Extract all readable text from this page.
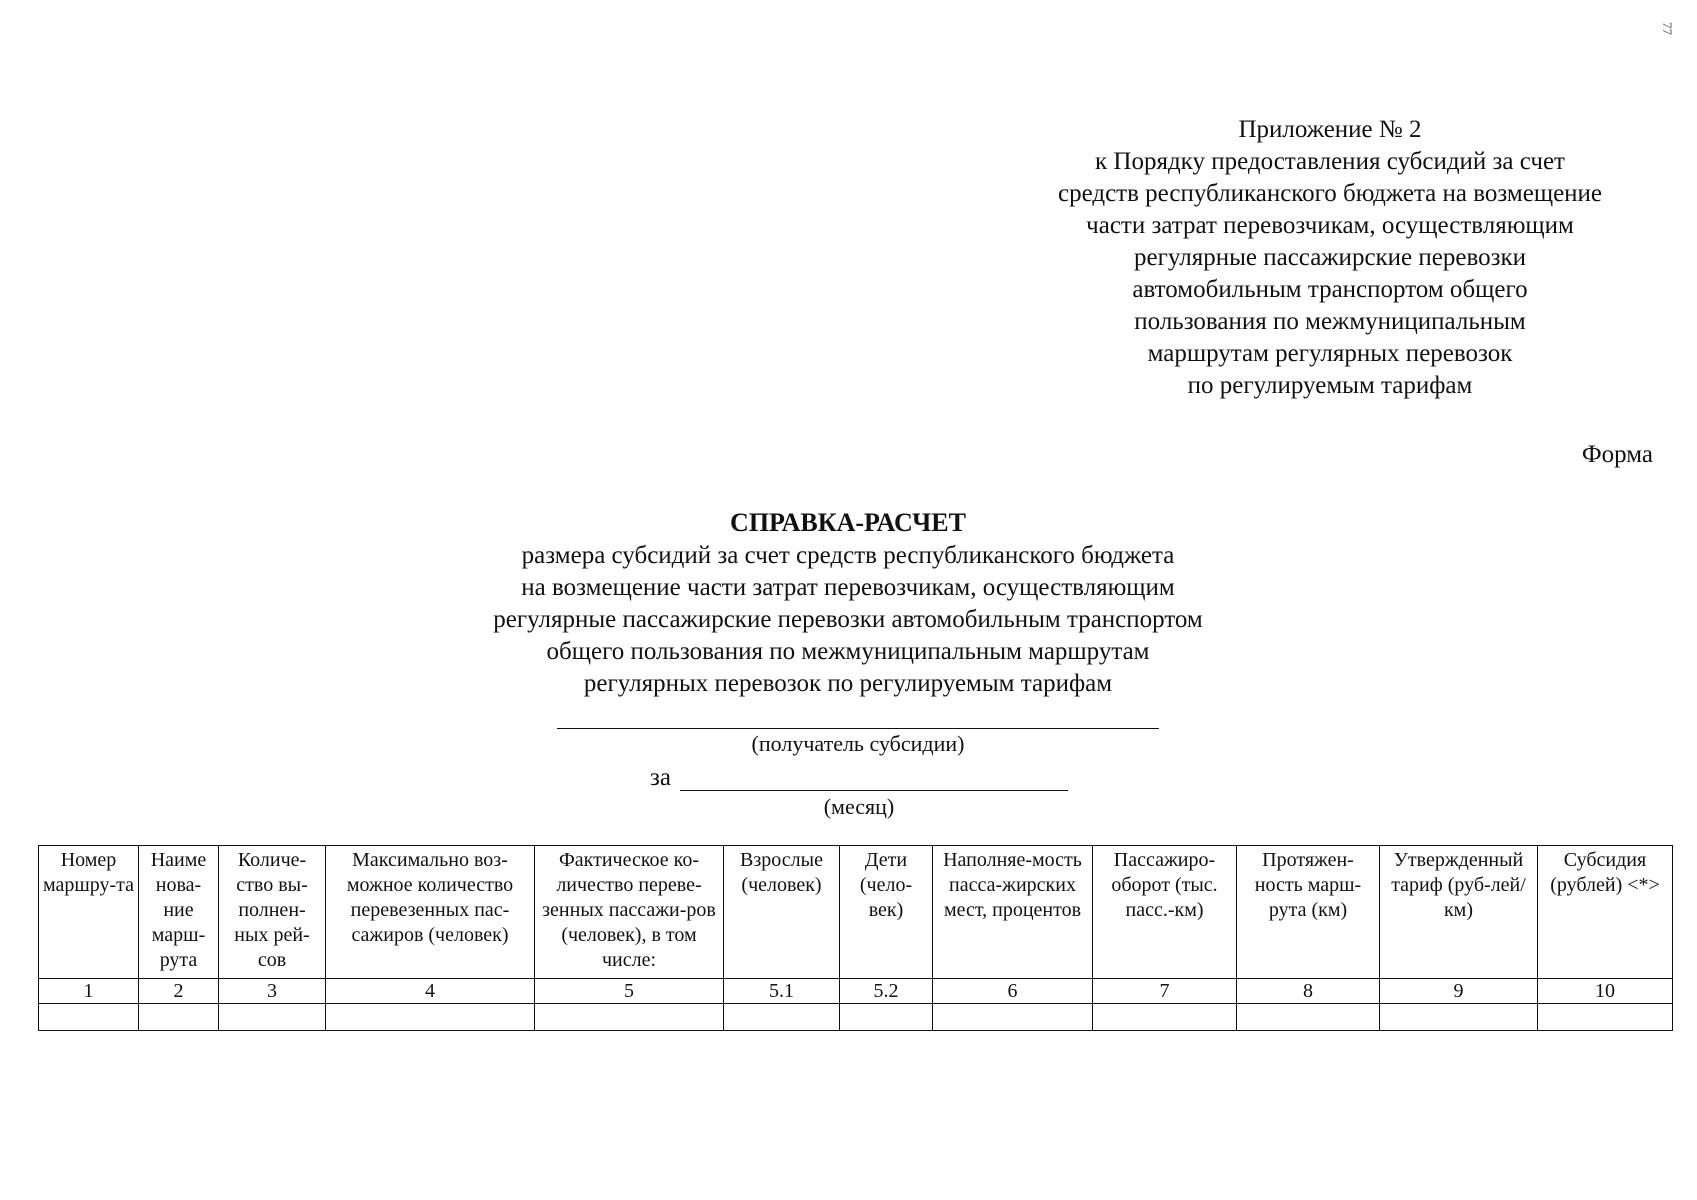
77
Приложение № 2
к Порядку предоставления субсидий за счет
средств республиканского бюджета на возмещение
части затрат перевозчикам, осуществляющим
регулярные пассажирские перевозки
автомобильным транспортом общего
пользования по межмуниципальным
маршрутам регулярных перевозок
по регулируемым тарифам
Форма
СПРАВКА-РАСЧЕТ
размера субсидий за счет средств республиканского бюджета
на возмещение части затрат перевозчикам, осуществляющим
регулярные пассажирские перевозки автомобильным транспортом
общего пользования по межмуниципальным маршрутам
регулярных перевозок по регулируемым тарифам
(получатель субсидии)
за
(месяц)
Номер маршру-та	Наиме нова-ние марш-рута	Количе-ство вы-полнен-ных рей-сов	Максимально воз-можное количество перевезенных пас-сажиров (человек)	Фактическое ко-личество переве-зенных пассажи-ров (человек), в том числе:	Взрослые (человек)	Дети (чело-век)	Наполняе-мость пасса-жирских мест, процентов	Пассажиро-оборот (тыс. пасс.-км)	Протяжен-ность марш-рута (км)	Утвержденный тариф (руб-лей/км)	Субсидия (рублей) <*>
1	2	3	4	5	5.1	5.2	6	7	8	9	10
